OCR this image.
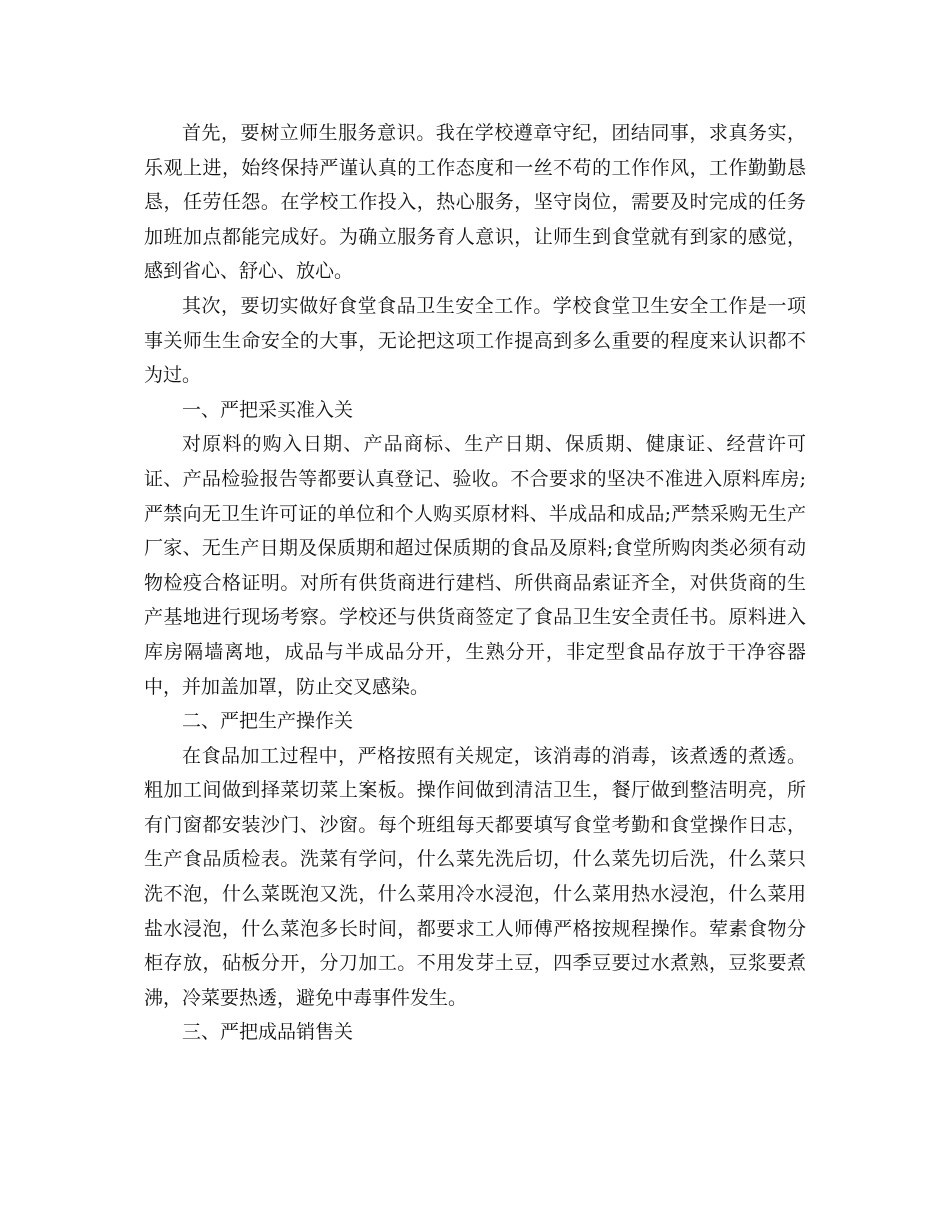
首先，要树立师生服务意识。我在学校遵章守纪，团结同事，求真务实，乐观上进，始终保持严谨认真的工作态度和一丝不苟的工作作风，工作勤勤恳恳，任劳任怨。在学校工作投入，热心服务，坚守岗位，需要及时完成的任务加班加点都能完成好。为确立服务育人意识，让师生到食堂就有到家的感觉，感到省心、舒心、放心。

其次，要切实做好食堂食品卫生安全工作。学校食堂卫生安全工作是一项事关师生生命安全的大事，无论把这项工作提高到多么重要的程度来认识都不为过。

一、严把采买准入关

对原料的购入日期、产品商标、生产日期、保质期、健康证、经营许可证、产品检验报告等都要认真登记、验收。不合要求的坚决不准进入原料库房;严禁向无卫生许可证的单位和个人购买原材料、半成品和成品;严禁采购无生产厂家、无生产日期及保质期和超过保质期的食品及原料;食堂所购肉类必须有动物检疫合格证明。对所有供货商进行建档、所供商品索证齐全，对供货商的生产基地进行现场考察。学校还与供货商签定了食品卫生安全责任书。原料进入库房隔墙离地，成品与半成品分开，生熟分开，非定型食品存放于干净容器中，并加盖加罩，防止交叉感染。

二、严把生产操作关

在食品加工过程中，严格按照有关规定，该消毒的消毒，该煮透的煮透。粗加工间做到择菜切菜上案板。操作间做到清洁卫生，餐厅做到整洁明亮，所有门窗都安装沙门、沙窗。每个班组每天都要填写食堂考勤和食堂操作日志，生产食品质检表。洗菜有学问，什么菜先洗后切，什么菜先切后洗，什么菜只洗不泡，什么菜既泡又洗，什么菜用冷水浸泡，什么菜用热水浸泡，什么菜用盐水浸泡，什么菜泡多长时间，都要求工人师傅严格按规程操作。荤素食物分柜存放，砧板分开，分刀加工。不用发芽土豆，四季豆要过水煮熟，豆浆要煮沸，冷菜要热透，避免中毒事件发生。

三、严把成品销售关
